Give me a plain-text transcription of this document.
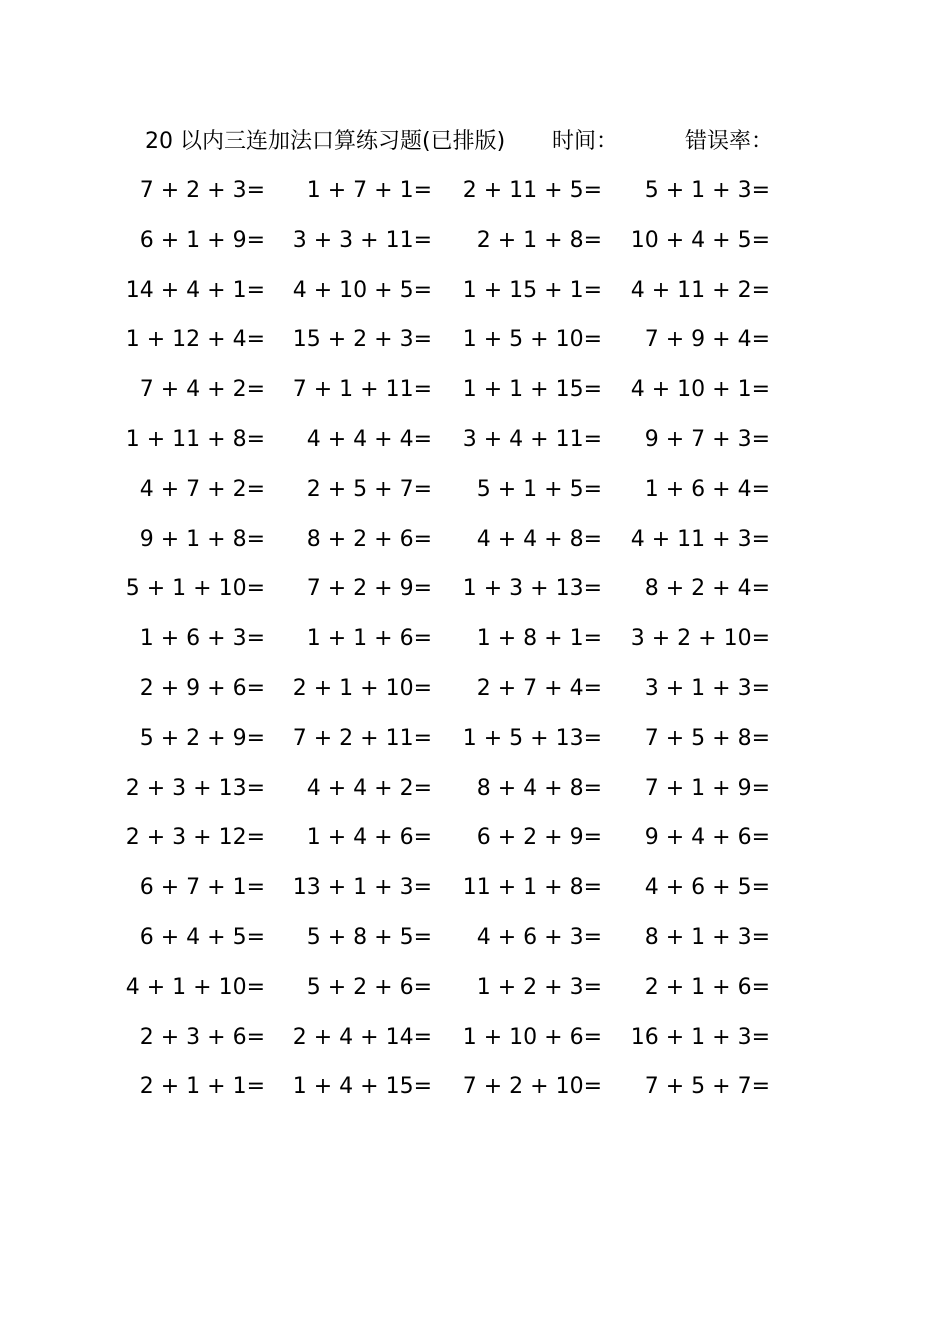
20 以内三连加法口算练习题(已排版) 时间：	错误率：
7 + 2 + 3=	1 + 7 + 1=	2 + 11 + 5=	5 + 1 + 3=
6 + 1 + 9=	3 + 3 + 11=	2 + 1 + 8=	10 + 4 + 5=
14 + 4 + 1=	4 + 10 + 5=	1 + 15 + 1=	4 + 11 + 2=
1 + 12 + 4=	15 + 2 + 3=	1 + 5 + 10=	7 + 9 + 4=
7 + 4 + 2=	7 + 1 + 11=	1 + 1 + 15=	4 + 10 + 1=
1 + 11 + 8=	4 + 4 + 4=	3 + 4 + 11=	9 + 7 + 3=
4 + 7 + 2=	2 + 5 + 7=	5 + 1 + 5=	1 + 6 + 4=
9 + 1 + 8=	8 + 2 + 6=	4 + 4 + 8=	4 + 11 + 3=
5 + 1 + 10=	7 + 2 + 9=	1 + 3 + 13=	8 + 2 + 4=
1 + 6 + 3=	1 + 1 + 6=	1 + 8 + 1=	3 + 2 + 10=
2 + 9 + 6=	2 + 1 + 10=	2 + 7 + 4=	3 + 1 + 3=
5 + 2 + 9=	7 + 2 + 11=	1 + 5 + 13=	7 + 5 + 8=
2 + 3 + 13=	4 + 4 + 2=	8 + 4 + 8=	7 + 1 + 9=
2 + 3 + 12=	1 + 4 + 6=	6 + 2 + 9=	9 + 4 + 6=
6 + 7 + 1=	13 + 1 + 3=	11 + 1 + 8=	4 + 6 + 5=
6 + 4 + 5=	5 + 8 + 5=	4 + 6 + 3=	8 + 1 + 3=
4 + 1 + 10=	5 + 2 + 6=	1 + 2 + 3=	2 + 1 + 6=
2 + 3 + 6=	2 + 4 + 14=	1 + 10 + 6=	16 + 1 + 3=
2 + 1 + 1=	1 + 4 + 15=	7 + 2 + 10=	7 + 5 + 7=
